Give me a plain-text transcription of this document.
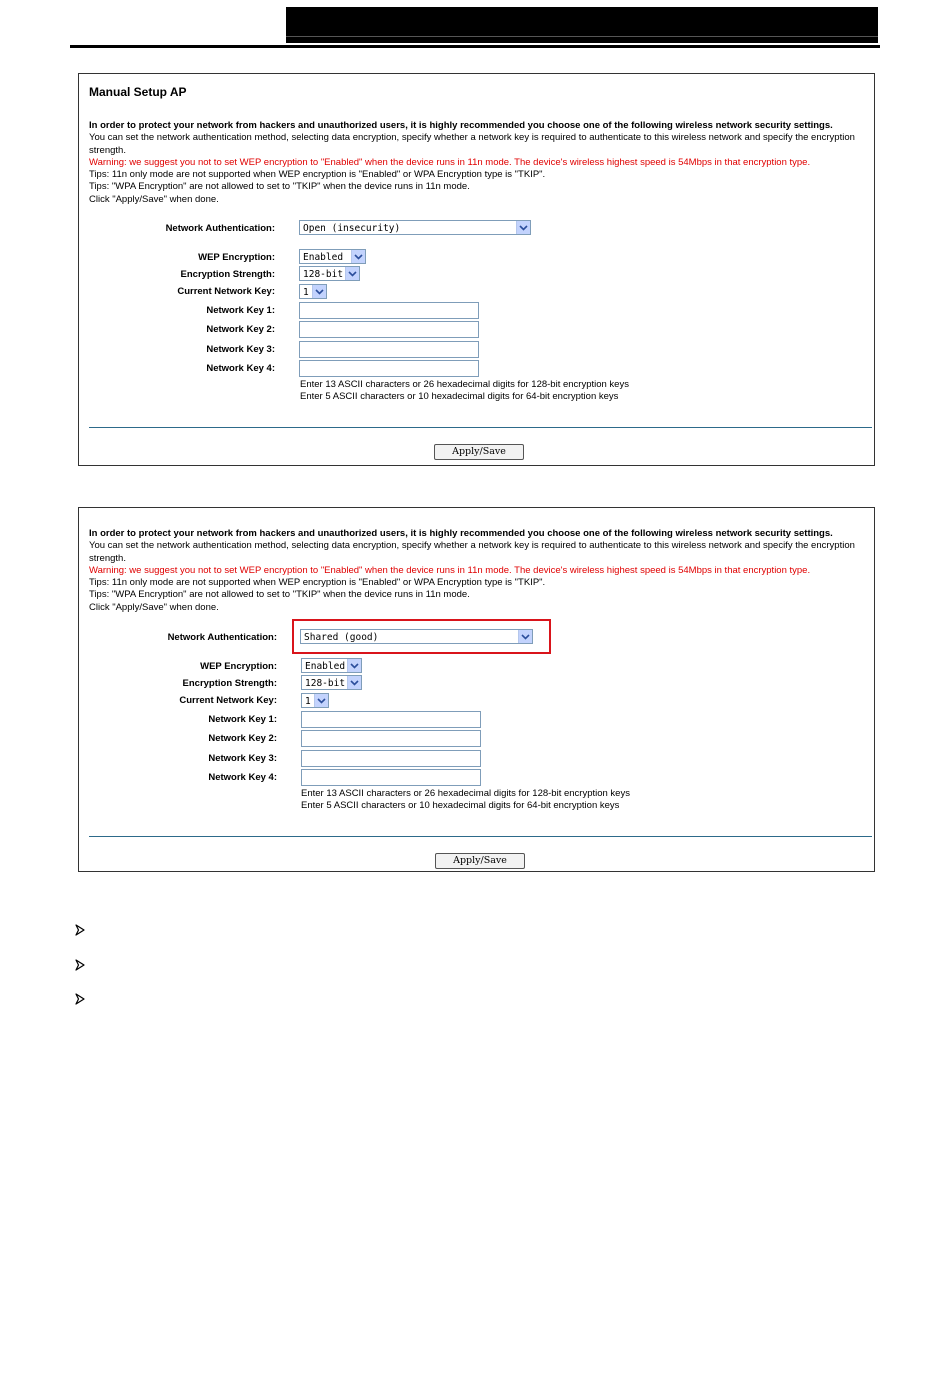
Manual Setup AP
In order to protect your network from hackers and unauthorized users, it is highly recommended you choose one of the following wireless network security settings.
You can set the network authentication method, selecting data encryption, specify whether a network key is required to authenticate to this wireless network and specify the encryption strength.
Warning: we suggest you not to set WEP encryption to "Enabled" when the device runs in 11n mode. The device's wireless highest speed is 54Mbps in that encryption type.
Tips: 11n only mode are not supported when WEP encryption is "Enabled" or WPA Encryption type is "TKIP".
Tips: "WPA Encryption" are not allowed to set to "TKIP" when the device runs in 11n mode.
Click "Apply/Save" when done.
Network Authentication:	Open (insecurity)
WEP Encryption:	Enabled
Encryption Strength:	128-bit
Current Network Key:	1
Network Key 1:
Network Key 2:
Network Key 3:
Network Key 4:
Enter 13 ASCII characters or 26 hexadecimal digits for 128-bit encryption keys
Enter 5 ASCII characters or 10 hexadecimal digits for 64-bit encryption keys
Apply/Save
In order to protect your network from hackers and unauthorized users, it is highly recommended you choose one of the following wireless network security settings.
You can set the network authentication method, selecting data encryption, specify whether a network key is required to authenticate to this wireless network and specify the encryption strength.
Warning: we suggest you not to set WEP encryption to "Enabled" when the device runs in 11n mode. The device's wireless highest speed is 54Mbps in that encryption type.
Tips: 11n only mode are not supported when WEP encryption is "Enabled" or WPA Encryption type is "TKIP".
Tips: "WPA Encryption" are not allowed to set to "TKIP" when the device runs in 11n mode.
Click "Apply/Save" when done.
Network Authentication:	Shared (good)
WEP Encryption:	Enabled
Encryption Strength:	128-bit
Current Network Key:	1
Network Key 1:
Network Key 2:
Network Key 3:
Network Key 4:
Enter 13 ASCII characters or 26 hexadecimal digits for 128-bit encryption keys
Enter 5 ASCII characters or 10 hexadecimal digits for 64-bit encryption keys
Apply/Save
